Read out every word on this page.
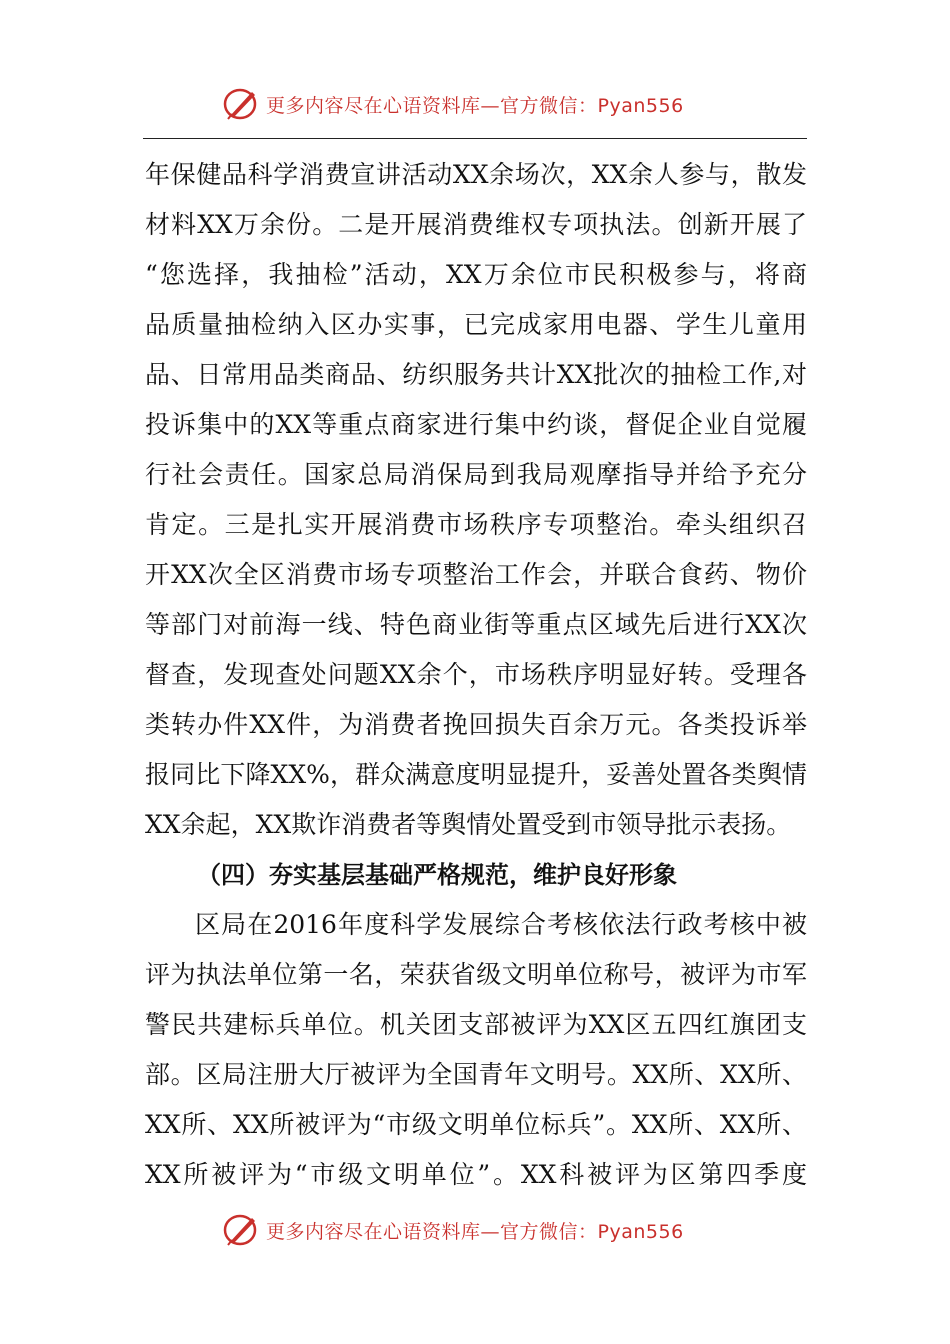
更多内容尽在心语资料库—官方微信：Pyan556
年保健品科学消费宣讲活动XX余场次，XX余人参与，散发
材料XX万余份。二是开展消费维权专项执法。创新开展了
“您选择，我抽检”活动，XX万余位市民积极参与，将商
品质量抽检纳入区办实事，已完成家用电器、学生儿童用
品、日常用品类商品、纺织服务共计XX批次的抽检工作,对
投诉集中的XX等重点商家进行集中约谈，督促企业自觉履
行社会责任。国家总局消保局到我局观摩指导并给予充分
肯定。三是扎实开展消费市场秩序专项整治。牵头组织召
开XX次全区消费市场专项整治工作会，并联合食药、物价
等部门对前海一线、特色商业街等重点区域先后进行XX次
督查，发现查处问题XX余个，市场秩序明显好转。受理各
类转办件XX件，为消费者挽回损失百余万元。各类投诉举
报同比下降XX%，群众满意度明显提升，妥善处置各类舆情
XX余起，XX欺诈消费者等舆情处置受到市领导批示表扬。
（四）夯实基层基础严格规范，维护良好形象
区局在2016年度科学发展综合考核依法行政考核中被
评为执法单位第一名，荣获省级文明单位称号，被评为市军
警民共建标兵单位。机关团支部被评为XX区五四红旗团支
部。区局注册大厅被评为全国青年文明号。XX所、XX所、
XX所、XX所被评为“市级文明单位标兵”。XX所、XX所、
XX所被评为“市级文明单位”。XX科被评为区第四季度
更多内容尽在心语资料库—官方微信：Pyan556
